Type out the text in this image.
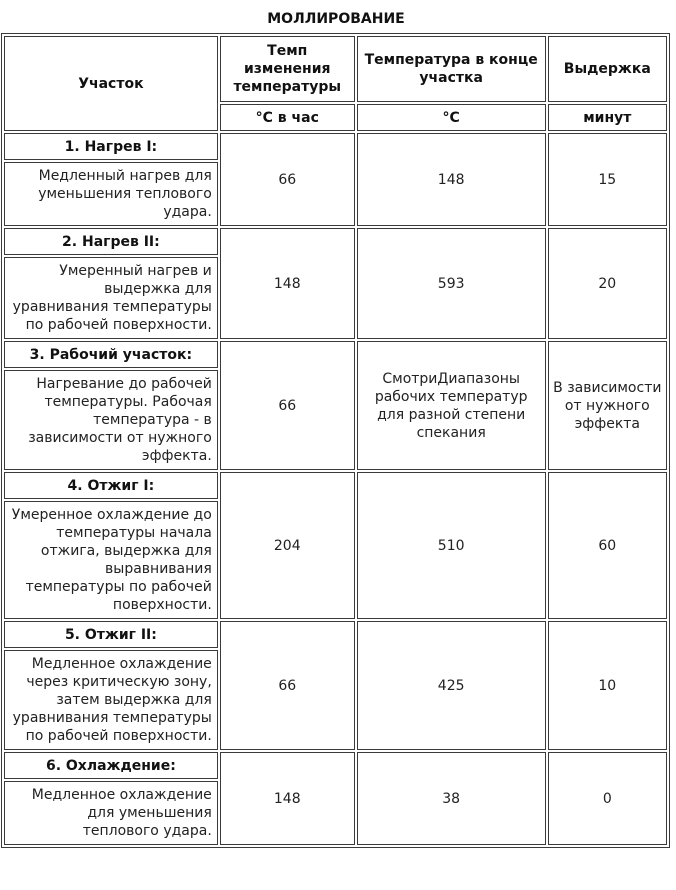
МОЛЛИРОВАНИЕ
Участок	Темп изменения температуры	Температура в конце участка	Выдержка
	°С в час	°С	минут
1. Нагрев I:	66	148	15
Медленный нагрев для уменьшения теплового удара.			
2. Нагрев II:	148	593	20
Умеренный нагрев и выдержка для уравнивания температуры по рабочей поверхности.			
3. Рабочий участок:	66	СмотриДиапазоны рабочих температур для разной степени спекания	В зависимости от нужного эффекта
Нагревание до рабочей температуры. Рабочая температура - в зависимости от нужного эффекта.			
4. Отжиг I:	204	510	60
Умеренное охлаждение до температуры начала отжига, выдержка для выравнивания температуры по рабочей поверхности.			
5. Отжиг II:	66	425	10
Медленное охлаждение через критическую зону, затем выдержка для уравнивания температуры по рабочей поверхности.			
6. Охлаждение:	148	38	0
Медленное охлаждение для уменьшения теплового удара.			
